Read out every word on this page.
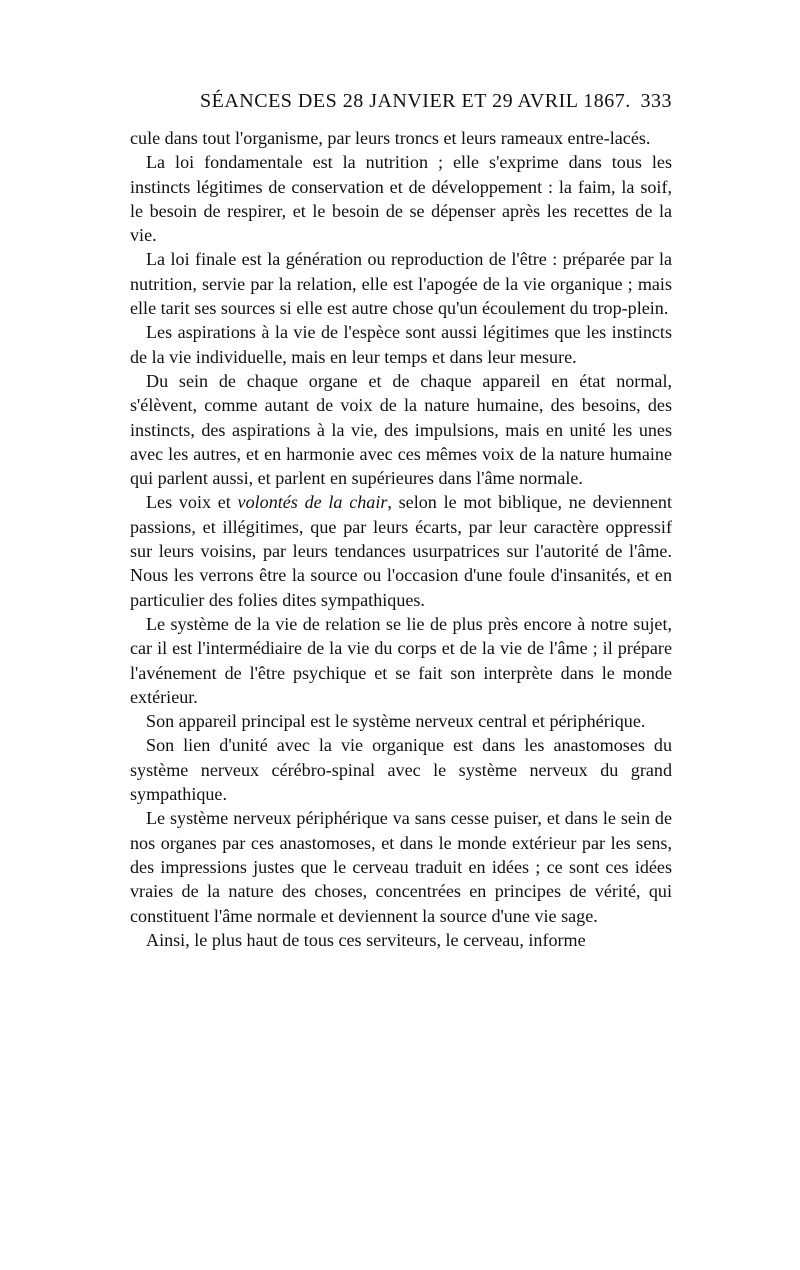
SÉANCES DES 28 JANVIER ET 29 AVRIL 1867. 333

cule dans tout l'organisme, par leurs troncs et leurs rameaux entre-lacés.

La loi fondamentale est la nutrition ; elle s'exprime dans tous les instincts légitimes de conservation et de développement : la faim, la soif, le besoin de respirer, et le besoin de se dépenser après les recettes de la vie.

La loi finale est la génération ou reproduction de l'être : préparée par la nutrition, servie par la relation, elle est l'apogée de la vie organique ; mais elle tarit ses sources si elle est autre chose qu'un écoulement du trop-plein.

Les aspirations à la vie de l'espèce sont aussi légitimes que les instincts de la vie individuelle, mais en leur temps et dans leur mesure.

Du sein de chaque organe et de chaque appareil en état normal, s'élèvent, comme autant de voix de la nature humaine, des besoins, des instincts, des aspirations à la vie, des impulsions, mais en unité les unes avec les autres, et en harmonie avec ces mêmes voix de la nature humaine qui parlent aussi, et parlent en supérieures dans l'âme normale.

Les voix et volontés de la chair, selon le mot biblique, ne deviennent passions, et illégitimes, que par leurs écarts, par leur caractère oppressif sur leurs voisins, par leurs tendances usurpatrices sur l'autorité de l'âme. Nous les verrons être la source ou l'occasion d'une foule d'insanités, et en particulier des folies dites sympathiques.

Le système de la vie de relation se lie de plus près encore à notre sujet, car il est l'intermédiaire de la vie du corps et de la vie de l'âme ; il prépare l'avénement de l'être psychique et se fait son interprète dans le monde extérieur.

Son appareil principal est le système nerveux central et périphérique.

Son lien d'unité avec la vie organique est dans les anastomoses du système nerveux cérébro-spinal avec le système nerveux du grand sympathique.

Le système nerveux périphérique va sans cesse puiser, et dans le sein de nos organes par ces anastomoses, et dans le monde extérieur par les sens, des impressions justes que le cerveau traduit en idées ; ce sont ces idées vraies de la nature des choses, concentrées en principes de vérité, qui constituent l'âme normale et deviennent la source d'une vie sage.

Ainsi, le plus haut de tous ces serviteurs, le cerveau, informe
